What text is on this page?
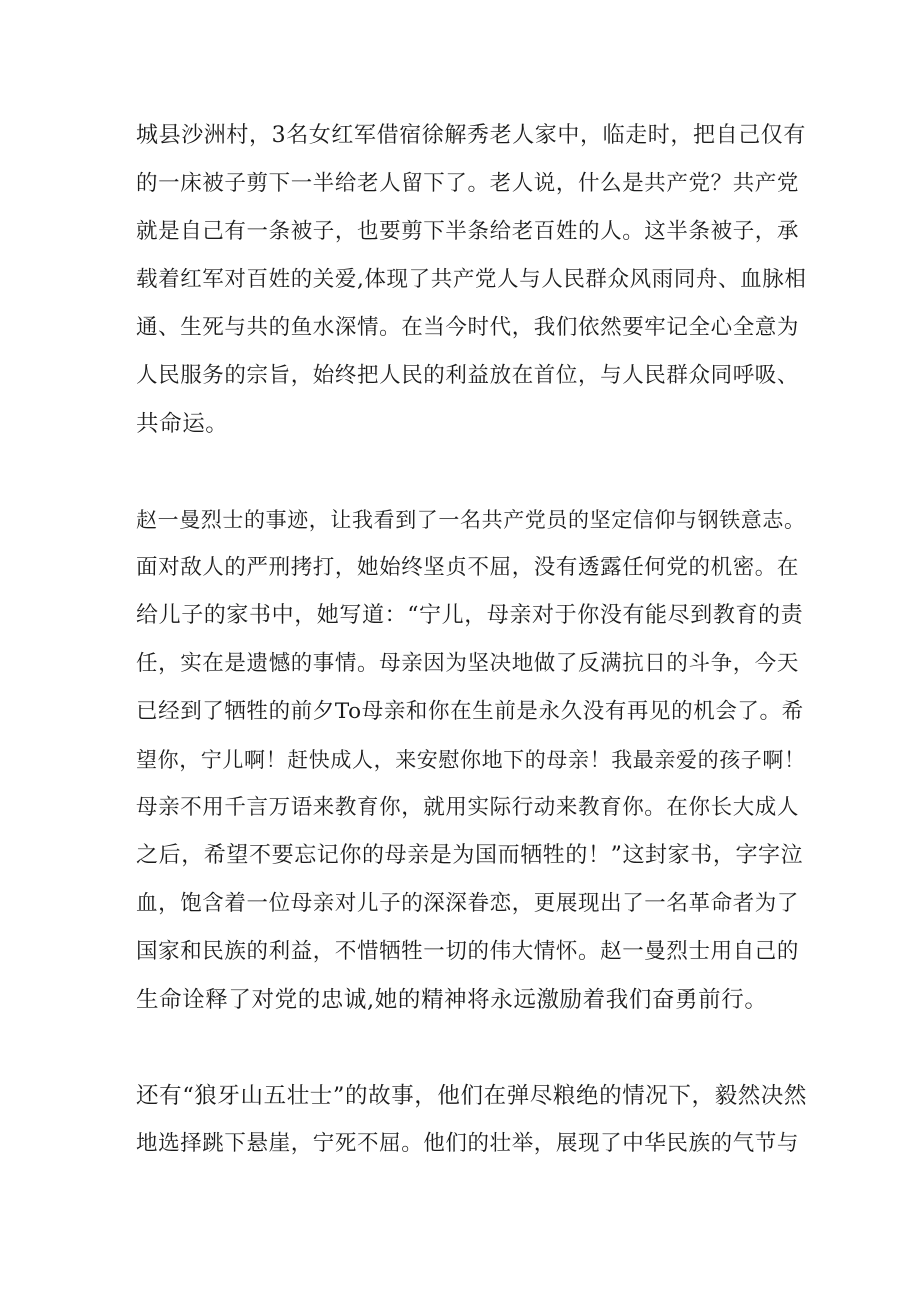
城县沙洲村，3名女红军借宿徐解秀老人家中，临走时，把自己仅有
的一床被子剪下一半给老人留下了。老人说，什么是共产党？共产党
就是自己有一条被子，也要剪下半条给老百姓的人。这半条被子，承
载着红军对百姓的关爱,体现了共产党人与人民群众风雨同舟、血脉相
通、生死与共的鱼水深情。在当今时代，我们依然要牢记全心全意为
人民服务的宗旨，始终把人民的利益放在首位，与人民群众同呼吸、
共命运。
赵一曼烈士的事迹，让我看到了一名共产党员的坚定信仰与钢铁意志。
面对敌人的严刑拷打，她始终坚贞不屈，没有透露任何党的机密。在
给儿子的家书中，她写道：“宁儿，母亲对于你没有能尽到教育的责
任，实在是遗憾的事情。母亲因为坚决地做了反满抗日的斗争，今天
已经到了牺牲的前夕To母亲和你在生前是永久没有再见的机会了。希
望你，宁儿啊！赶快成人，来安慰你地下的母亲！我最亲爱的孩子啊！
母亲不用千言万语来教育你，就用实际行动来教育你。在你长大成人
之后，希望不要忘记你的母亲是为国而牺牲的！”这封家书，字字泣
血，饱含着一位母亲对儿子的深深眷恋，更展现出了一名革命者为了
国家和民族的利益，不惜牺牲一切的伟大情怀。赵一曼烈士用自己的
生命诠释了对党的忠诚,她的精神将永远激励着我们奋勇前行。
还有“狼牙山五壮士”的故事，他们在弹尽粮绝的情况下，毅然决然
地选择跳下悬崖，宁死不屈。他们的壮举，展现了中华民族的气节与
